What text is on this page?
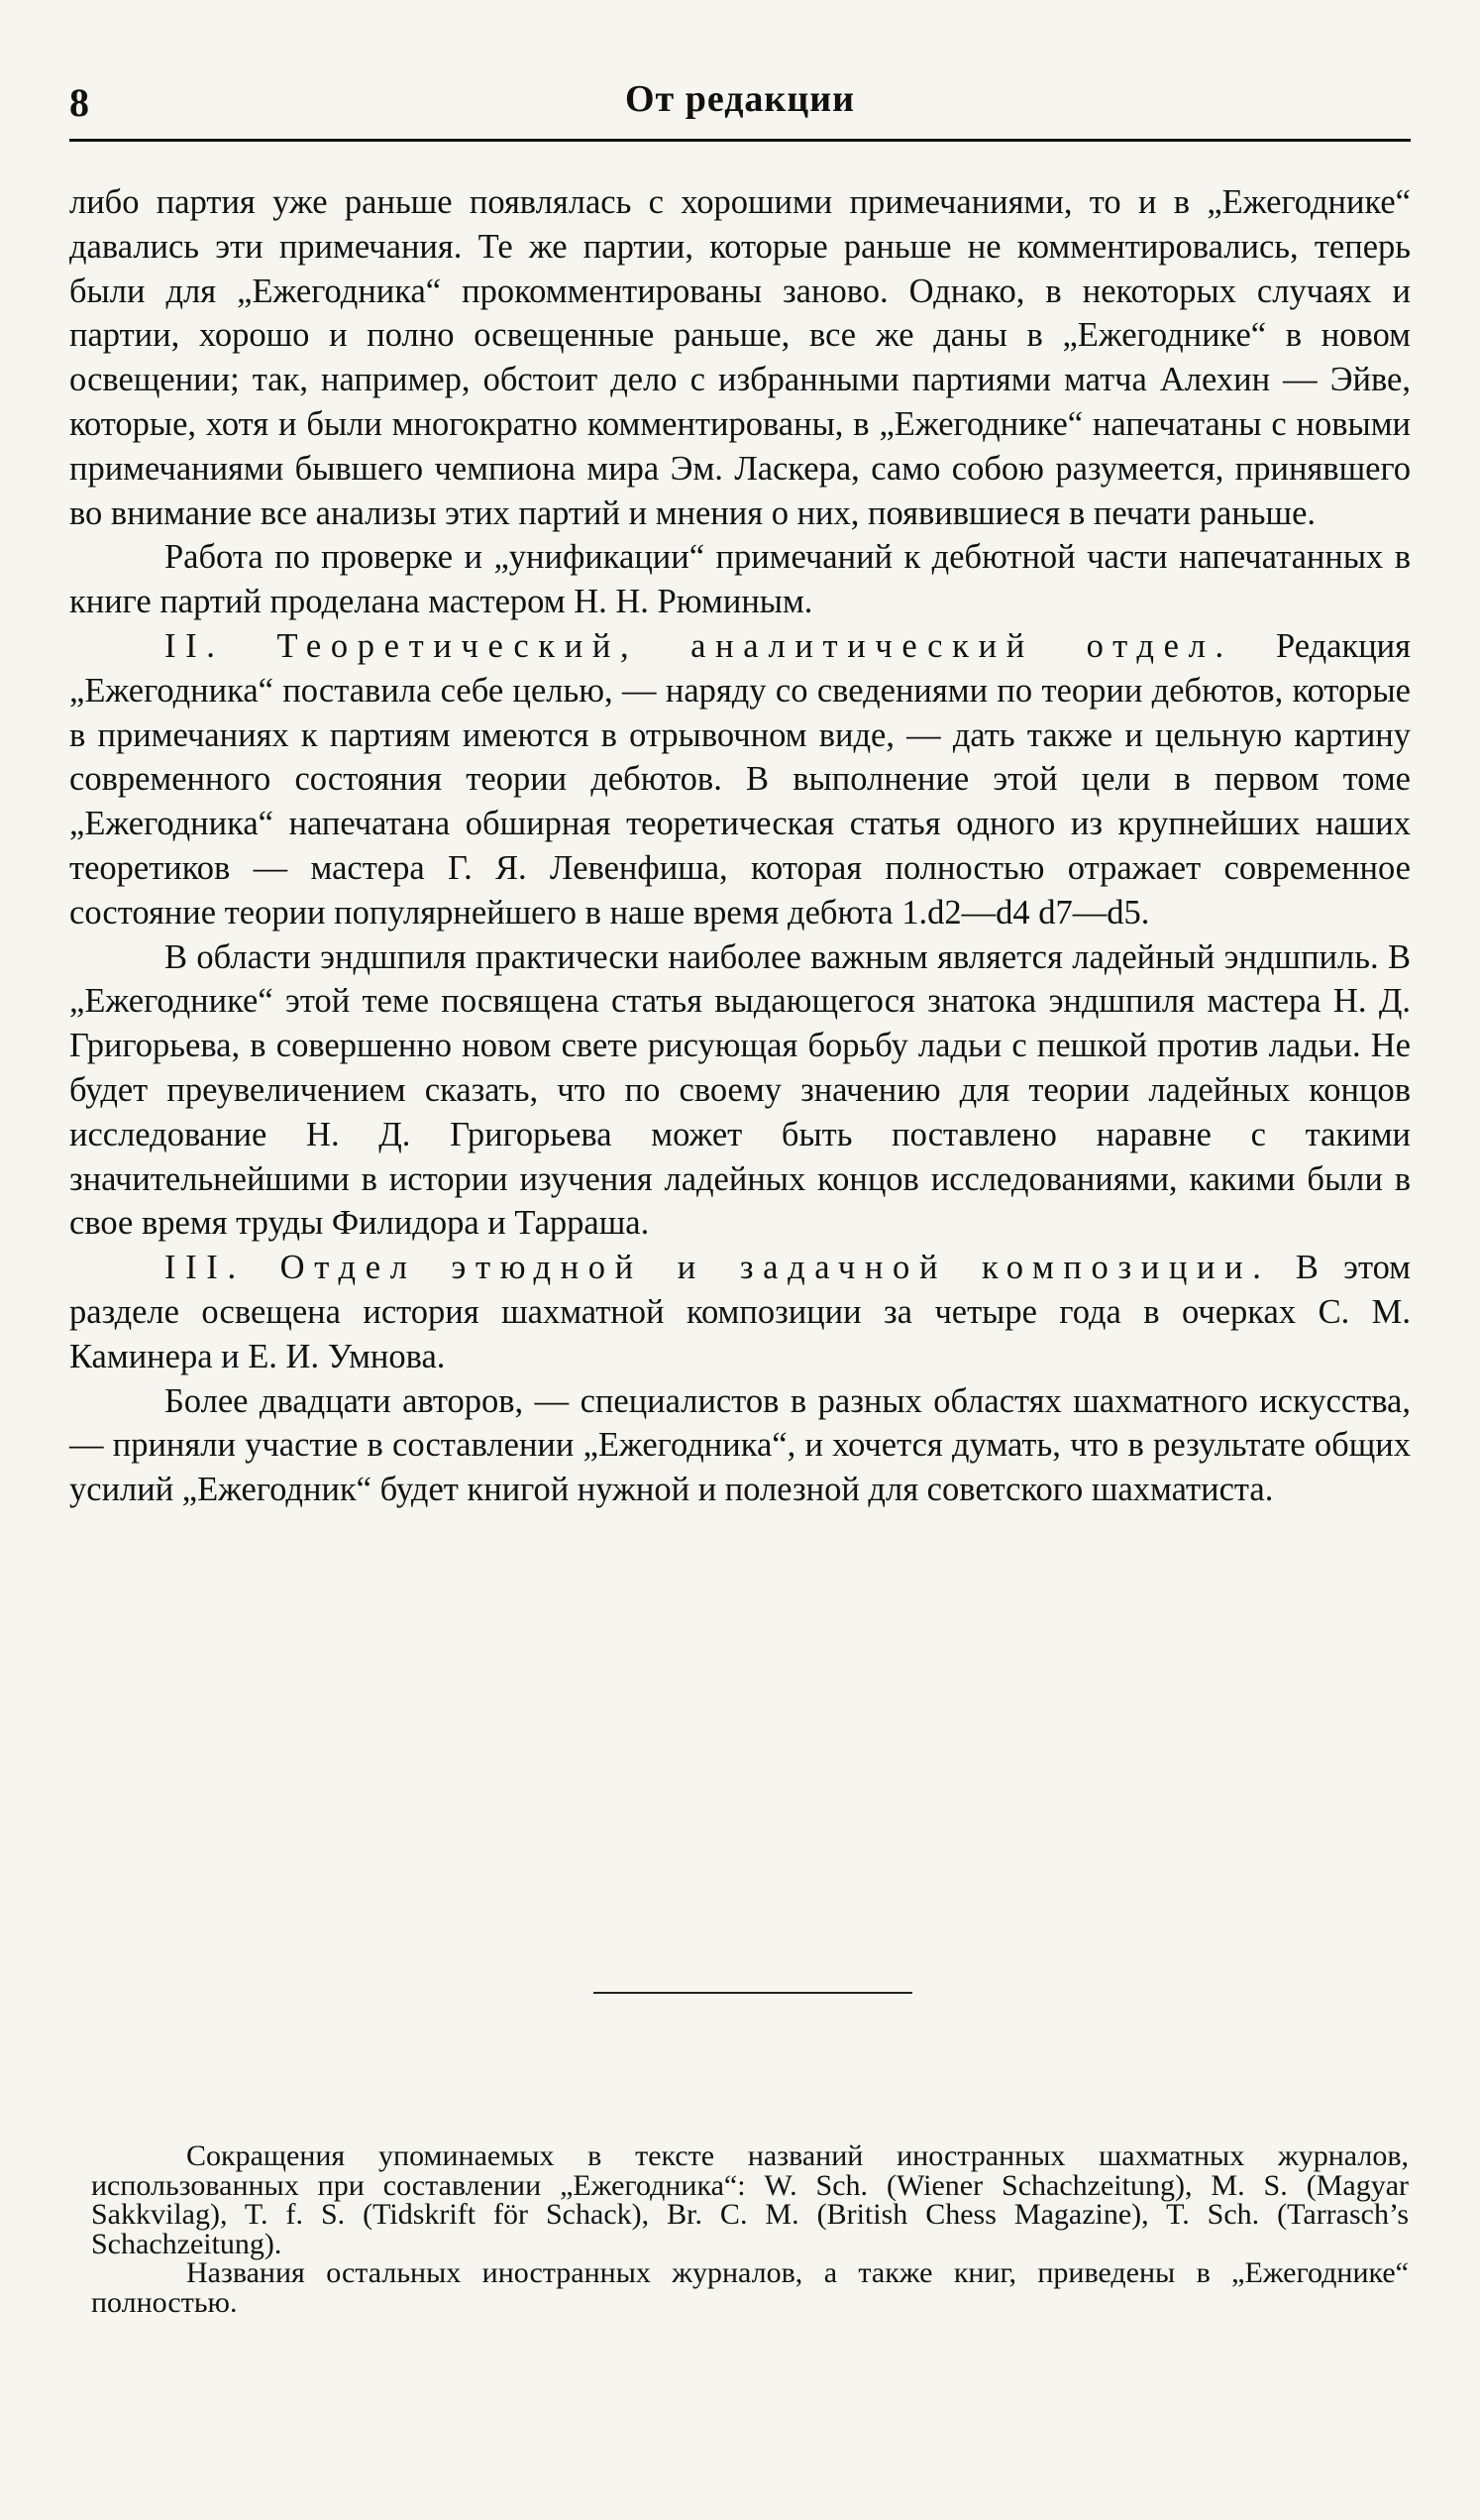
8	От редакции

либо партия уже раньше появлялась с хорошими примечаниями, то и в „Ежегоднике“ давались эти примечания. Те же партии, которые раньше не комментировались, теперь были для „Ежегодника“ прокомментированы заново. Однако, в некоторых случаях и партии, хорошо и полно освещенные раньше, все же даны в „Ежегоднике“ в новом освещении; так, например, обстоит дело с избранными партиями матча Алехин — Эйве, которые, хотя и были многократно комментированы, в „Ежегоднике“ напечатаны с новыми примечаниями бывшего чемпиона мира Эм. Ласкера, само собою разумеется, принявшего во внимание все анализы этих партий и мнения о них, появившиеся в печати раньше.

Работа по проверке и „унификации“ примечаний к дебютной части напечатанных в книге партий проделана мастером Н. Н. Рюминым.

II. Теоретический, аналитический отдел. Редакция „Ежегодника“ поставила себе целью, — наряду со сведениями по теории дебютов, которые в примечаниях к партиям имеются в отрывочном виде, — дать также и цельную картину современного состояния теории дебютов. В выполнение этой цели в первом томе „Ежегодника“ напечатана обширная теоретическая статья одного из крупнейших наших теоретиков — мастера Г. Я. Левенфиша, которая полностью отражает современное состояние теории популярнейшего в наше время дебюта 1.d2—d4 d7—d5.

В области эндшпиля практически наиболее важным является ладейный эндшпиль. В „Ежегоднике“ этой теме посвящена статья выдающегося знатока эндшпиля мастера Н. Д. Григорьева, в совершенно новом свете рисующая борьбу ладьи с пешкой против ладьи. Не будет преувеличением сказать, что по своему значению для теории ладейных концов исследование Н. Д. Григорьева может быть поставлено наравне с такими значительнейшими в истории изучения ладейных концов исследованиями, какими были в свое время труды Филидора и Тарраша.

III. Отдел этюдной и задачной композиции. В этом разделе освещена история шахматной композиции за четыре года в очерках С. М. Каминера и Е. И. Умнова.

Более двадцати авторов, — специалистов в разных областях шахматного искусства, — приняли участие в составлении „Ежегодника“, и хочется думать, что в результате общих усилий „Ежегодник“ будет книгой нужной и полезной для советского шахматиста.

Сокращения упоминаемых в тексте названий иностранных шахматных журналов, использованных при составлении „Ежегодника“: W. Sch. (Wiener Schachzeitung), M. S. (Magyar Sakkvilag), T. f. S. (Tidskrift för Schack), Br. C. M. (British Chess Magazine), T. Sch. (Tarrasch’s Schachzeitung).

Названия остальных иностранных журналов, а также книг, приведены в „Ежегоднике“ полностью.
